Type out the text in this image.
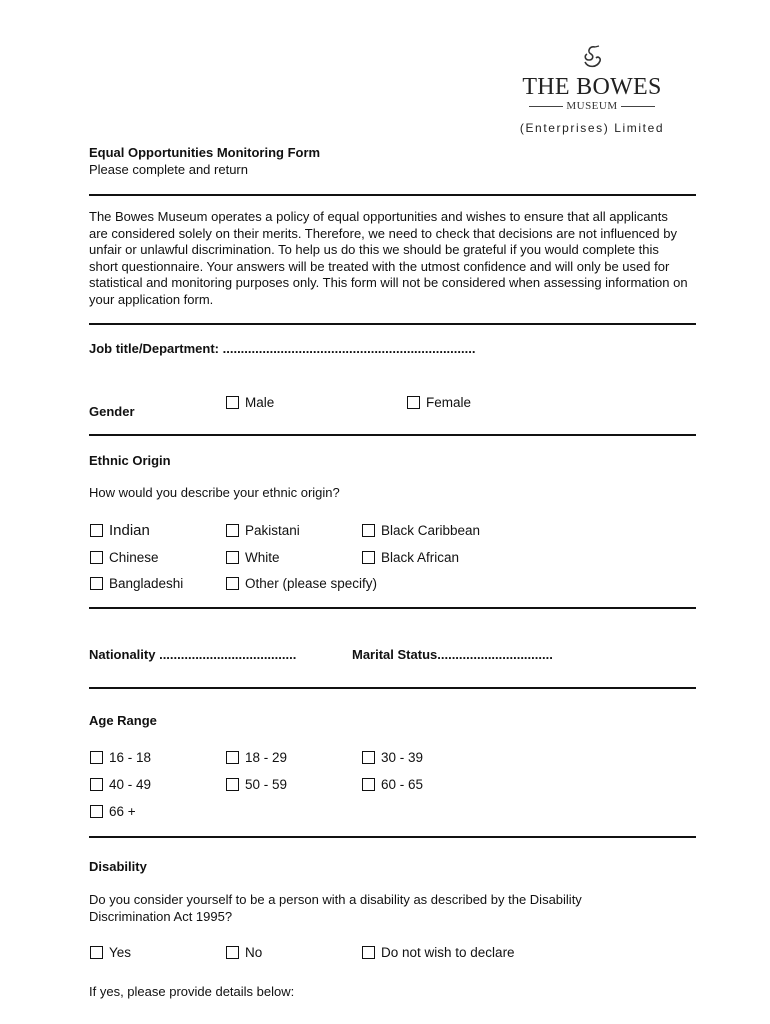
THE BOWES
MUSEUM
(Enterprises) Limited
Equal Opportunities Monitoring Form
Please complete and return
The Bowes Museum operates a policy of equal opportunities and wishes to ensure that all applicants are considered solely on their merits. Therefore, we need to check that decisions are not influenced by unfair or unlawful discrimination. To help us do this we should be grateful if you would complete this short questionnaire. Your answers will be treated with the utmost confidence and will only be used for statistical and monitoring purposes only. This form will not be considered when assessing information on your application form.
Job title/Department: ......................................................................
Gender
Male	Female
Ethnic Origin
How would you describe your ethnic origin?
Indian	Pakistani	Black Caribbean
Chinese	White	Black African
Bangladeshi	Other (please specify)
Nationality ......................................	Marital Status................................
Age Range
16 - 18	18 - 29	30 - 39
40 - 49	50 - 59	60 - 65
66 +
Disability
Do you consider yourself to be a person with a disability as described by the Disability Discrimination Act 1995?
Yes	No	Do not wish to declare
If yes, please provide details below:
